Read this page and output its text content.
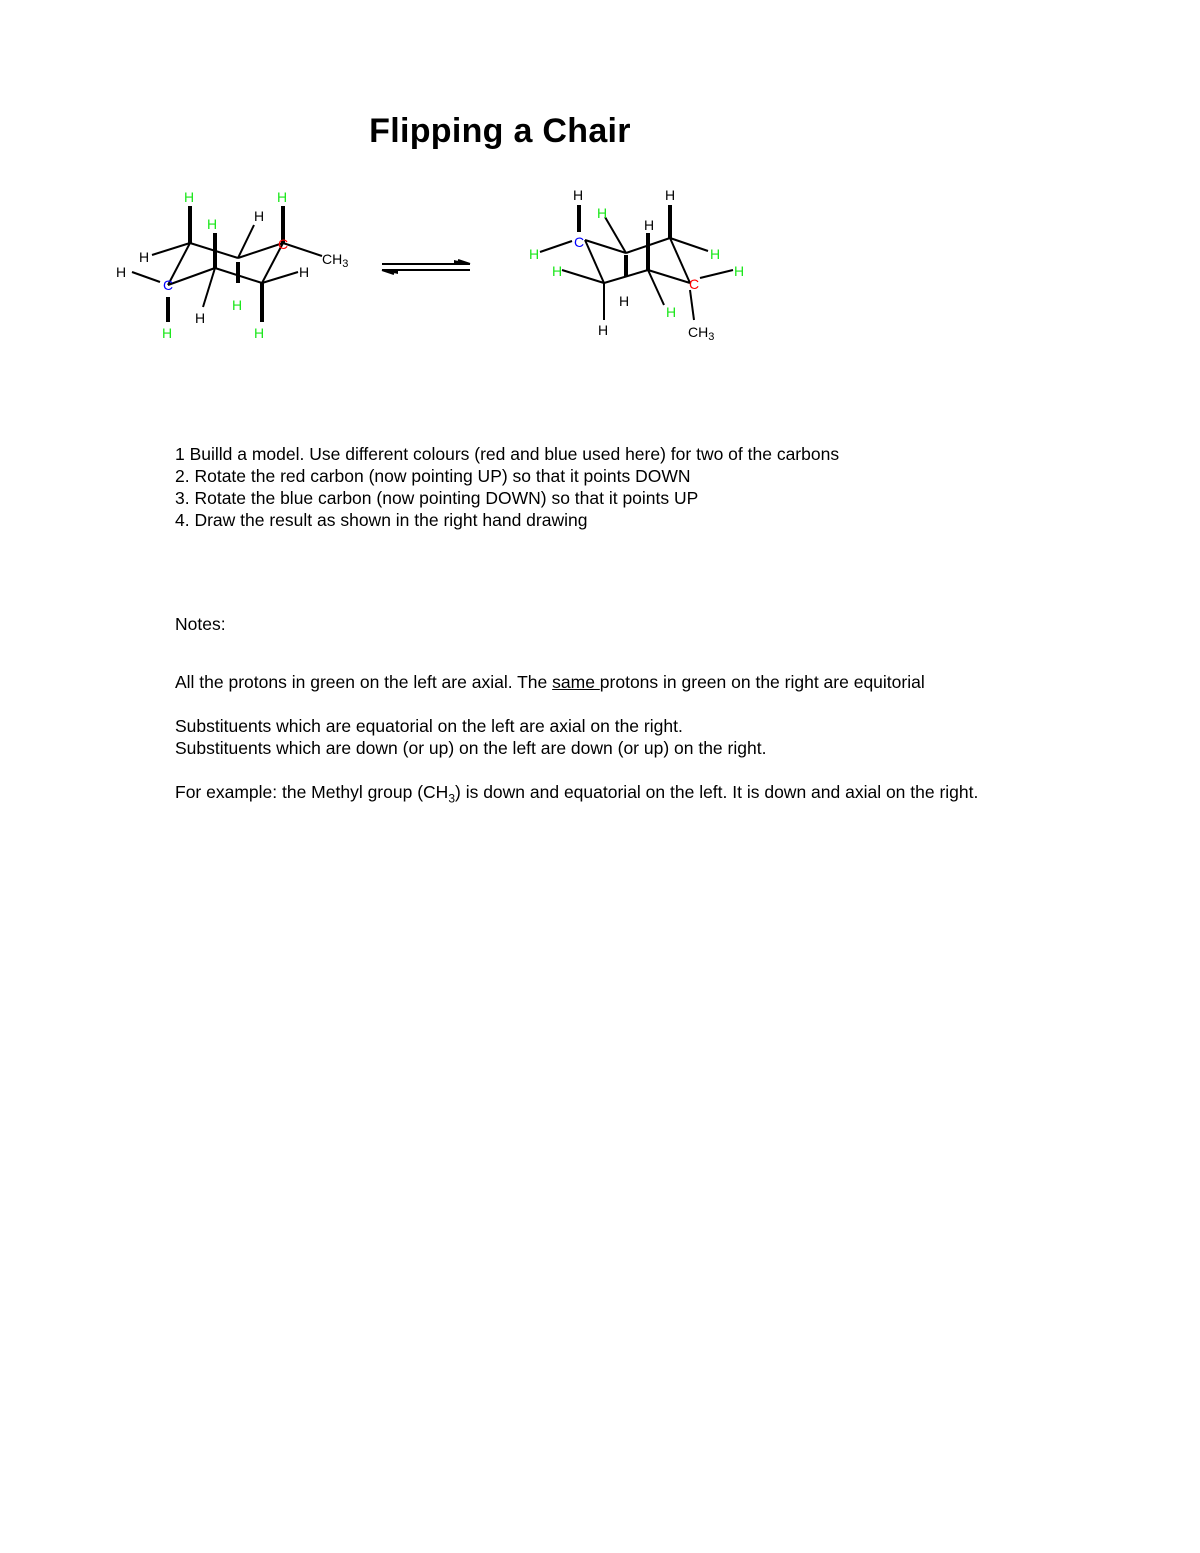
Flipping a Chair
H	H
H	H
C
$CH_3$
H
H
C
H
H
H
H	H
H	H
H
H
C
H	H
H	H
C
H
H
H	$CH_3$
1 Builld a model. Use different colours (red and blue used here) for two of the carbons
2. Rotate the red carbon (now pointing UP) so that it points DOWN
3. Rotate the blue carbon (now pointing DOWN) so that it points UP
4. Draw the result as shown in the right hand drawing
Notes:
All the protons in green on the left are axial. The same protons in green on the right are equitorial
Substituents which are equatorial on the left are axial on the right.
Substituents which are down (or up) on the left are down (or up) on the right.
For example: the Methyl group $(CH_3)$ is down and equatorial on the left. It is down and axial on the right.
